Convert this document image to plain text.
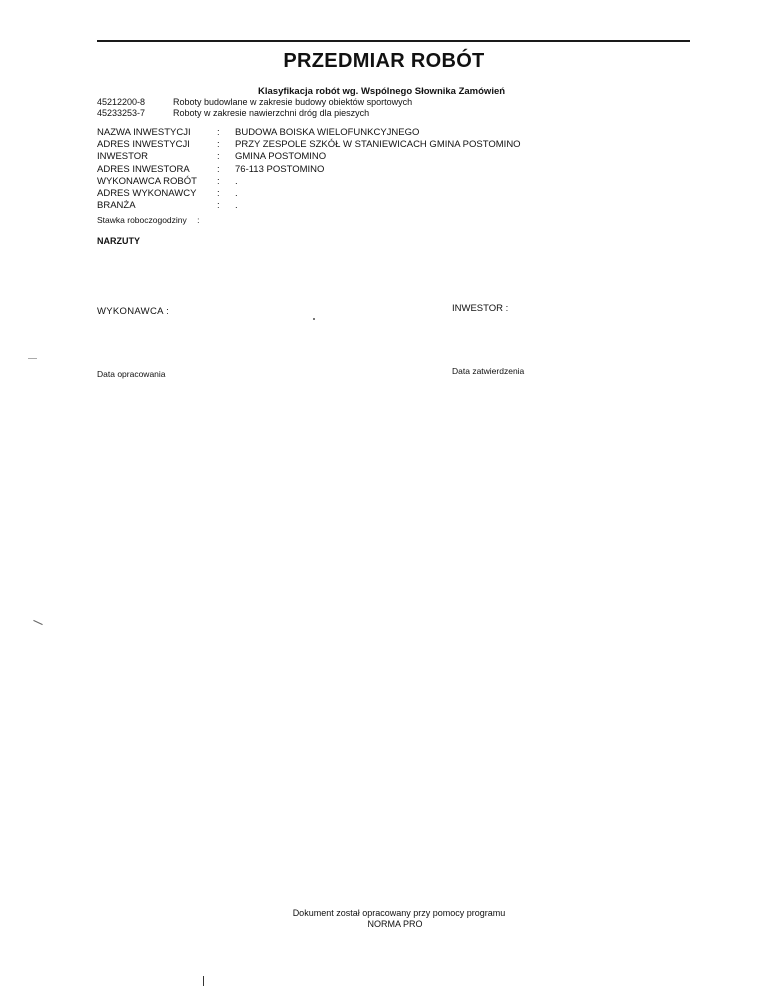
PRZEDMIAR ROBÓT
Klasyfikacja robót wg. Wspólnego Słownika Zamówień
45212200-8	Roboty budowlane w zakresie budowy obiektów sportowych
45233253-7	Roboty w zakresie nawierzchni dróg dla pieszych
NAZWA INWESTYCJI	:	BUDOWA BOISKA WIELOFUNKCYJNEGO
ADRES INWESTYCJI	:	PRZY ZESPOLE SZKÓŁ W STANIEWICACH GMINA POSTOMINO
INWESTOR	:	GMINA POSTOMINO
ADRES INWESTORA	:	76-113 POSTOMINO
WYKONAWCA ROBÓT	:	.
ADRES WYKONAWCY	:	.
BRANŻA	:	.
Stawka roboczogodziny :
NARZUTY
WYKONAWCA :	INWESTOR :
Data opracowania	Data zatwierdzenia
Dokument został opracowany przy pomocy programu
NORMA PRO
